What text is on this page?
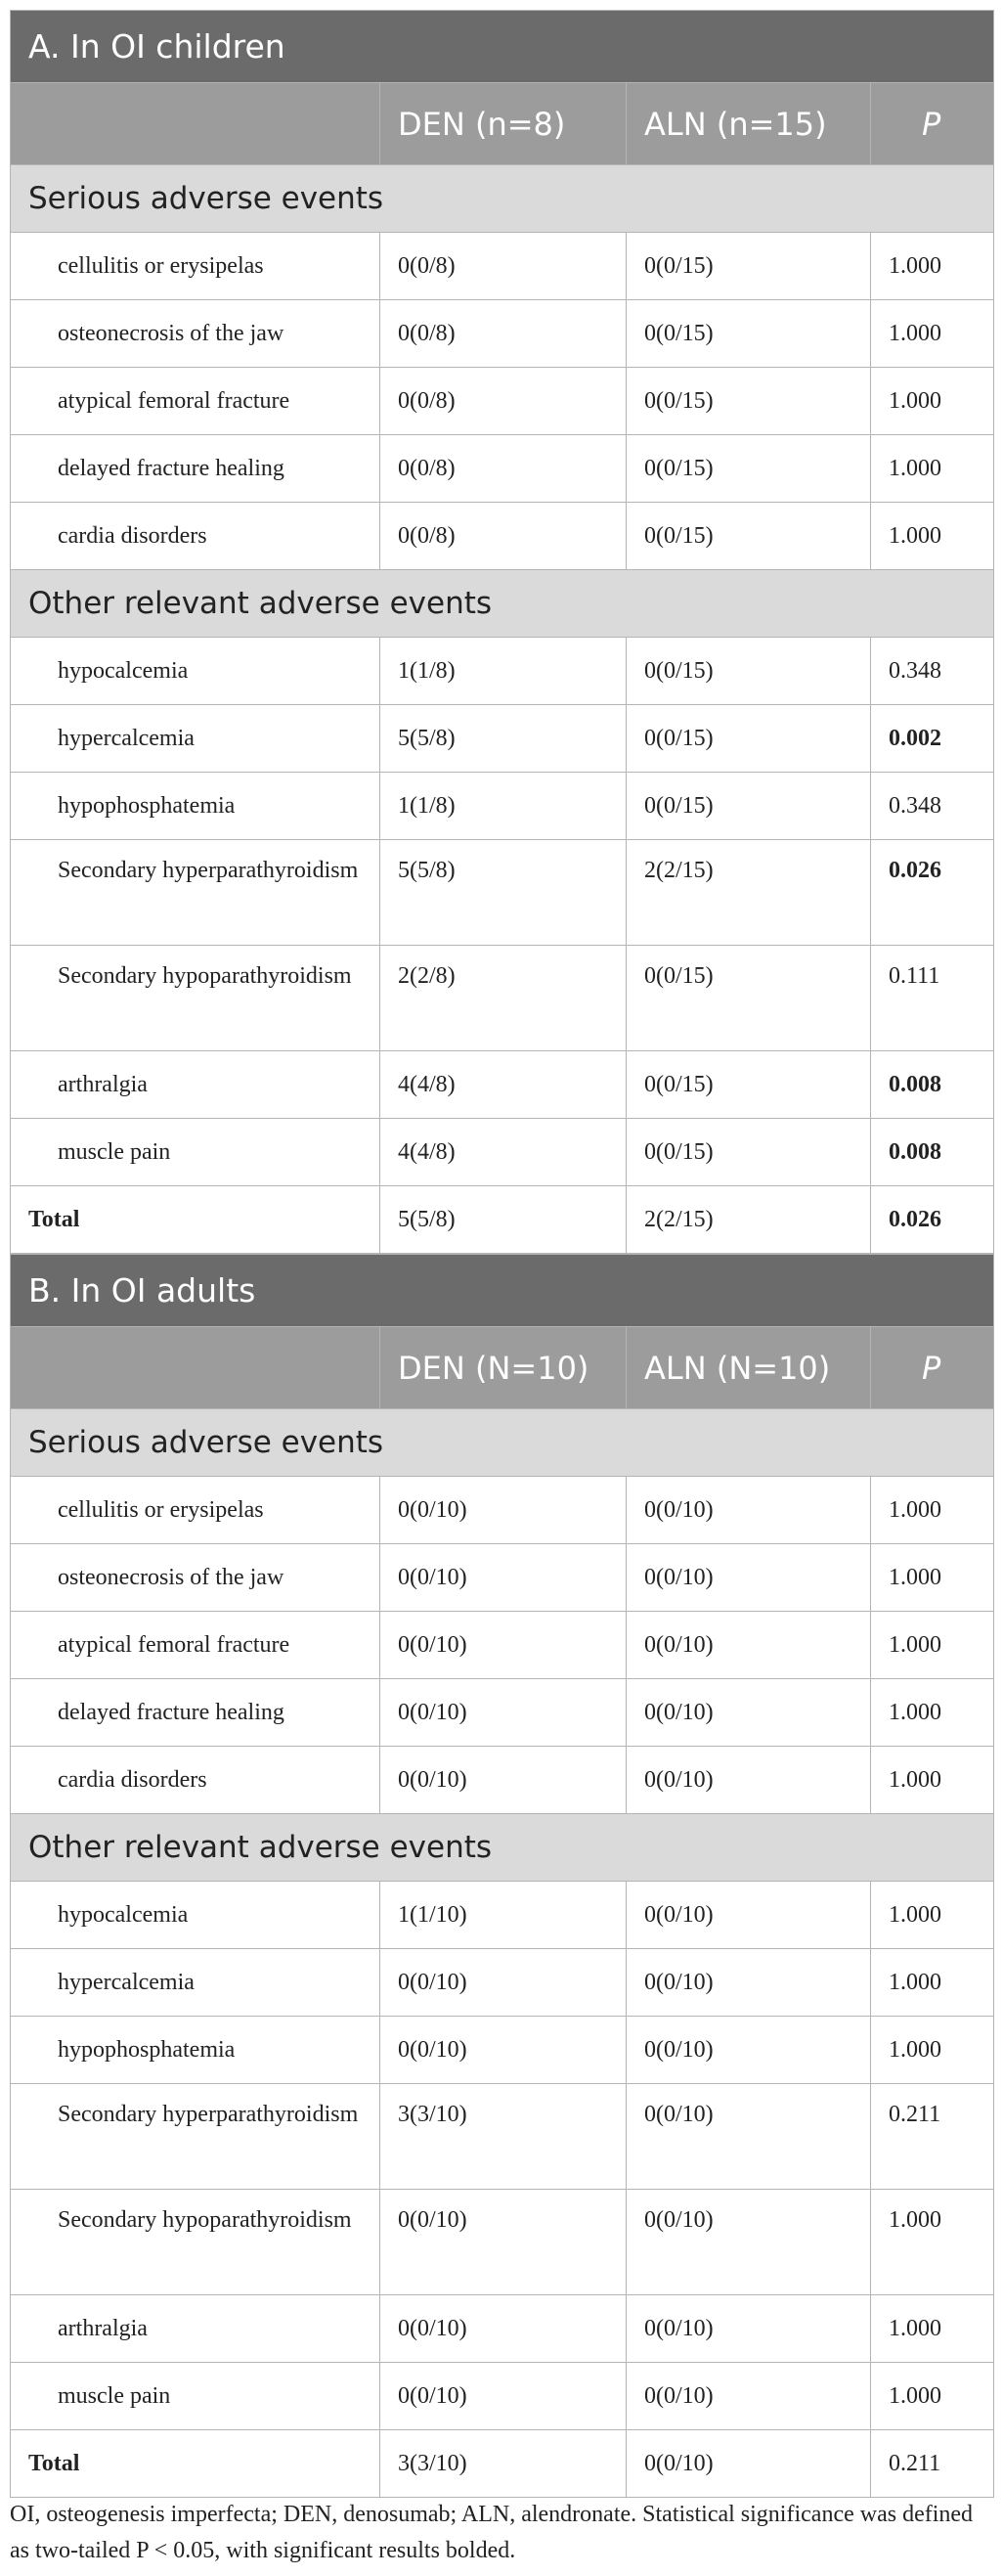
A. In OI children			
	DEN (n=8)	ALN (n=15)	P
Serious adverse events			
cellulitis or erysipelas	0(0/8)	0(0/15)	1.000
osteonecrosis of the jaw	0(0/8)	0(0/15)	1.000
atypical femoral fracture	0(0/8)	0(0/15)	1.000
delayed fracture healing	0(0/8)	0(0/15)	1.000
cardia disorders	0(0/8)	0(0/15)	1.000
Other relevant adverse events			
hypocalcemia	1(1/8)	0(0/15)	0.348
hypercalcemia	5(5/8)	0(0/15)	0.002
hypophosphatemia	1(1/8)	0(0/15)	0.348
Secondary hyperparathyroidism	5(5/8)	2(2/15)	0.026
Secondary hypoparathyroidism	2(2/8)	0(0/15)	0.111
arthralgia	4(4/8)	0(0/15)	0.008
muscle pain	4(4/8)	0(0/15)	0.008
Total	5(5/8)	2(2/15)	0.026
B. In OI adults			
	DEN (N=10)	ALN (N=10)	P
Serious adverse events			
cellulitis or erysipelas	0(0/10)	0(0/10)	1.000
osteonecrosis of the jaw	0(0/10)	0(0/10)	1.000
atypical femoral fracture	0(0/10)	0(0/10)	1.000
delayed fracture healing	0(0/10)	0(0/10)	1.000
cardia disorders	0(0/10)	0(0/10)	1.000
Other relevant adverse events			
hypocalcemia	1(1/10)	0(0/10)	1.000
hypercalcemia	0(0/10)	0(0/10)	1.000
hypophosphatemia	0(0/10)	0(0/10)	1.000
Secondary hyperparathyroidism	3(3/10)	0(0/10)	0.211
Secondary hypoparathyroidism	0(0/10)	0(0/10)	1.000
arthralgia	0(0/10)	0(0/10)	1.000
muscle pain	0(0/10)	0(0/10)	1.000
Total	3(3/10)	0(0/10)	0.211
OI, osteogenesis imperfecta; DEN, denosumab; ALN, alendronate. Statistical significance was defined as two-tailed P < 0.05, with significant results bolded.
